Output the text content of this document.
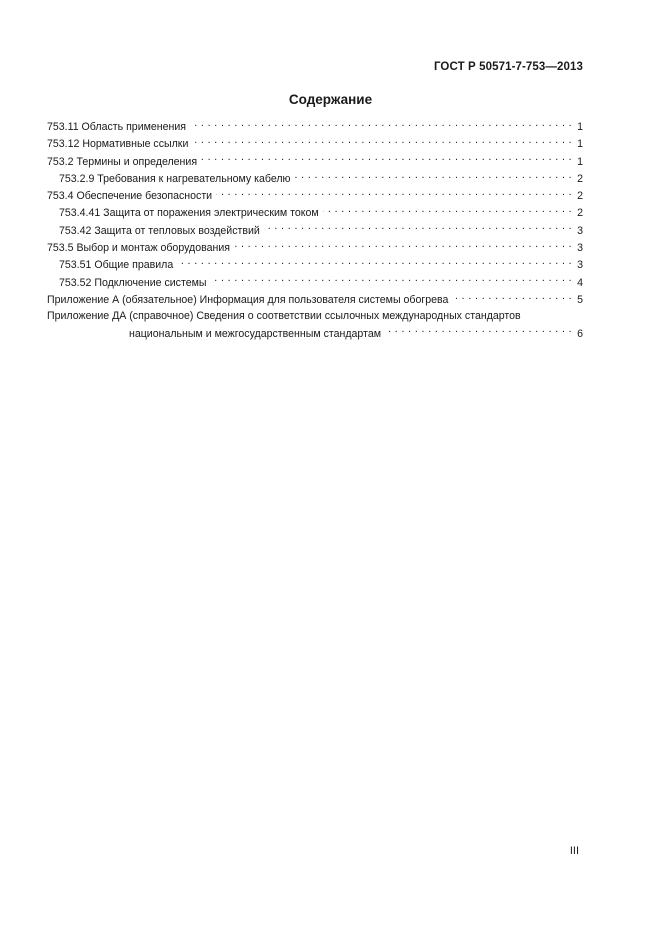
ГОСТ Р 50571-7-753—2013
Содержание
753.11 Область применения . . .	1
753.12 Нормативные ссылки . . .	1
753.2 Термины и определения . . .	1
753.2.9 Требования к нагревательному кабелю . . .	2
753.4 Обеспечение безопасности . . .	2
753.4.41 Защита от поражения электрическим током . . .	2
753.42 Защита от тепловых воздействий . . .	3
753.5 Выбор и монтаж оборудования . . .	3
753.51 Общие правила . . .	3
753.52 Подключение системы . . .	4
Приложение А (обязательное) Информация для пользователя системы обогрева . . .	5
Приложение ДА (справочное) Сведения о соответствии ссылочных международных стандартов
национальным и межгосударственным стандартам . . .	6
III
